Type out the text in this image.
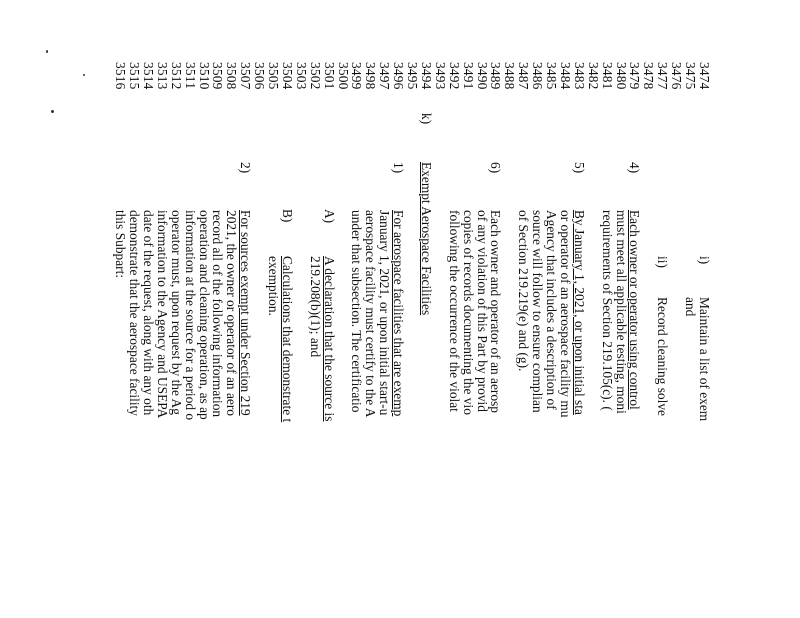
3474
3475
3476
3477
3478
3479
3480
3481
3482
3483
3484
3485
3486
3487
3488
3489
3490
3491
3492
3493
3494
3495
3496
3497
3498
3499
3500
3501
3502
3503
3504
3505
3506
3507
3508
3509
3510
3511
3512
3513
3514
3515
3516
i)
ii)
4)
5)
6)
k)
1)
A)
B)
2)
Maintain a list of exem
and
Record cleaning solve
Each owner or operator using control
must meet all applicable testing, moni
requirements of Section 219.105(c). (
By January 1, 2021, or upon initial sta
or operator of an aerospace facility mu
Agency that includes a description of
source will follow to ensure complian
of Section 219.219(e) and (g).
Each owner and operator of an aerosp
of any violation of this Part by provid
copies of records documenting the vio
following the occurrence of the violat
Exempt Aerospace Facilities
For aerospace facilities that are exemp
January 1, 2021, or upon initial start-u
aerospace facility must certify to the A
under that subsection. The certificatio
A declaration that the source is
219.208(b)(1); and
Calculations that demonstrate t
exemption.
For sources exempt under Section 219
2021, the owner or operator of an aero
record all of the following information
operation and cleaning operation, as ap
information at the source for a period o
operator must, upon request by the Ag
information to the Agency and USEPA
date of the request, along with any oth
demonstrate that the aerospace facility
this Subpart:
